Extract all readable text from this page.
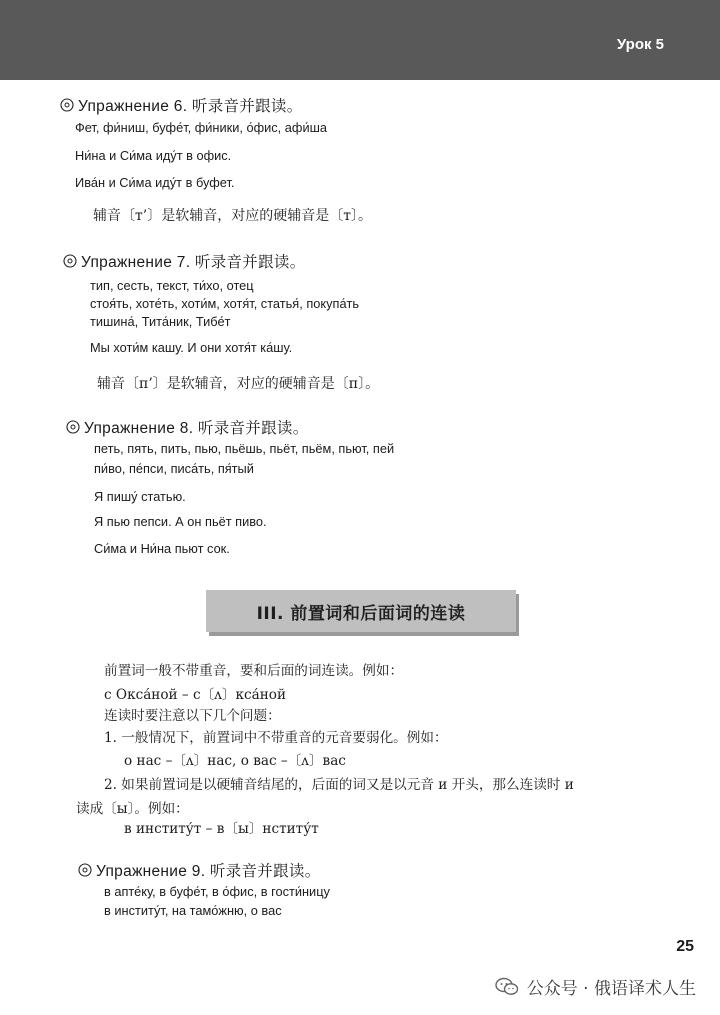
Урок 5
Упражнение 6. 听录音并跟读。
Фет, фи́ниш, буфе́т, фи́ники, о́фис, афи́ша
Ни́на и Си́ма иду́т в офис.
Ива́н и Си́ма иду́т в буфет.
辅音〔т’〕是软辅音，对应的硬辅音是〔т〕。
Упражнение 7. 听录音并跟读。
тип, сесть, текст, ти́хо, отец
стоя́ть, хоте́ть, хоти́м, хотя́т, статья́, покупа́ть
тишина́, Тита́ник, Тибе́т
Мы хоти́м кашу. И они хотя́т ка́шу.
辅音〔п’〕是软辅音，对应的硬辅音是〔п〕。
Упражнение 8. 听录音并跟读。
петь, пять, пить, пью, пьёшь, пьёт, пьём, пьют, пей
пи́во, пе́пси, писа́ть, пя́тый
Я пишу́ статью.
Я пью пепси. А он пьёт пиво.
Си́ма и Ни́на пьют сок.
III. 前置词和后面词的连读
前置词一般不带重音，要和后面的词连读。例如：
с Окса́ной – с〔ʌ〕кса́ной
连读时要注意以下几个问题：
1. 一般情况下，前置词中不带重音的元音要弱化。例如：
о нас –〔ʌ〕нас, о вас –〔ʌ〕вас
2. 如果前置词是以硬辅音结尾的，后面的词又是以元音 и 开头，那么连读时 и
读成〔ы〕。例如：
в институ́т – в〔ы〕нститу́т
Упражнение 9. 听录音并跟读。
в апте́ку, в буфе́т, в о́фис, в гости́ницу
в институ́т, на тамо́жню, о вас
25
公众号 · 俄语译术人生
